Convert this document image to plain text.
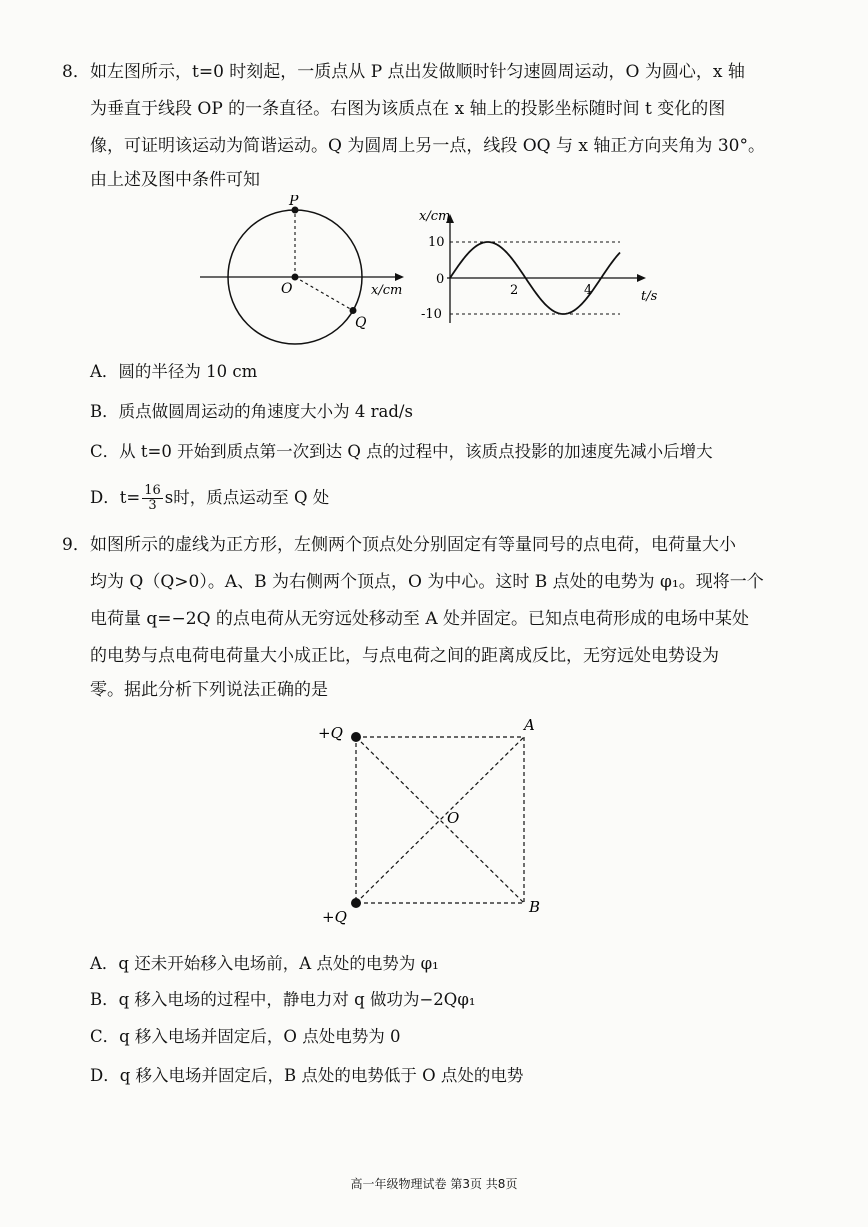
8． 如左图所示，t=0 时刻起，一质点从 P 点出发做顺时针匀速圆周运动，O 为圆心，x 轴
为垂直于线段 OP 的一条直径。右图为该质点在 x 轴上的投影坐标随时间 t 变化的图
像，可证明该运动为简谐运动。Q 为圆周上另一点，线段 OQ 与 x 轴正方向夹角为 30°。
由上述及图中条件可知
P
O
Q
x/cm
x/cm
10
0
-10
2	4	t/s
A．圆的半径为 10 cm
B．质点做圆周运动的角速度大小为 4 rad/s
C．从 t=0 开始到质点第一次到达 Q 点的过程中，该质点投影的加速度先减小后增大
D．$t= \frac{16}{3}$ s时，质点运动至 Q 处
9． 如图所示的虚线为正方形，左侧两个顶点处分别固定有等量同号的点电荷，电荷量大小
均为 Q（Q>0）。A、B 为右侧两个顶点，O 为中心。这时 B 点处的电势为 φ₁。现将一个
电荷量 q=−2Q 的点电荷从无穷远处移动至 A 处并固定。已知点电荷形成的电场中某处
的电势与点电荷电荷量大小成正比，与点电荷之间的距离成反比，无穷远处电势设为
零。据此分析下列说法正确的是
+Q
+Q
A
B
O
A．q 还未开始移入电场前，A 点处的电势为 φ₁
B．q 移入电场的过程中，静电力对 q 做功为−2Qφ₁
C．q 移入电场并固定后，O 点处电势为 0
D．q 移入电场并固定后，B 点处的电势低于 O 点处的电势
高一年级物理试卷 第3页 共8页
